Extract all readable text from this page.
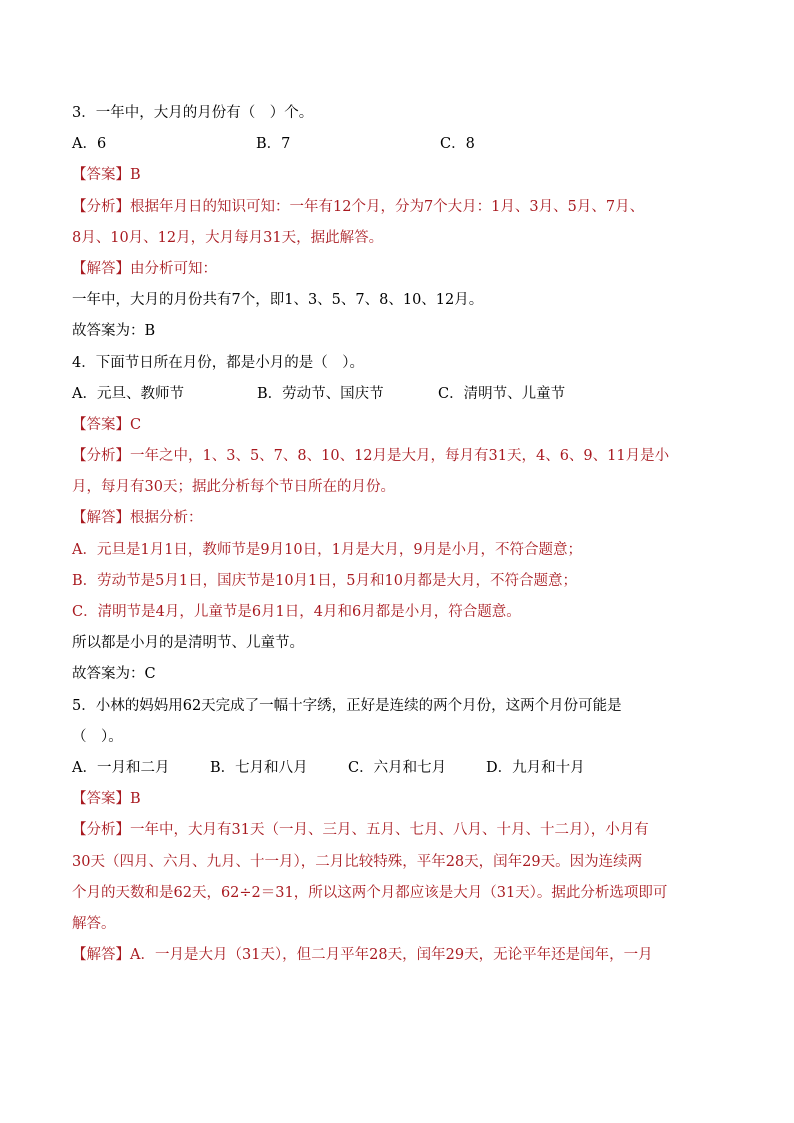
3．一年中，大月的月份有（　）个。
A．6	B．7	C．8
【答案】B
【分析】根据年月日的知识可知：一年有12个月，分为7个大月：1月、3月、5月、7月、
8月、10月、12月，大月每月31天，据此解答。
【解答】由分析可知：
一年中，大月的月份共有7个，即1、3、5、7、8、10、12月。
故答案为：B
4．下面节日所在月份，都是小月的是（　）。
A．元旦、教师节	B．劳动节、国庆节	C．清明节、儿童节
【答案】C
【分析】一年之中，1、3、5、7、8、10、12月是大月，每月有31天，4、6、9、11月是小
月，每月有30天；据此分析每个节日所在的月份。
【解答】根据分析：
A．元旦是1月1日，教师节是9月10日，1月是大月，9月是小月，不符合题意；
B．劳动节是5月1日，国庆节是10月1日，5月和10月都是大月，不符合题意；
C．清明节是4月，儿童节是6月1日，4月和6月都是小月，符合题意。
所以都是小月的是清明节、儿童节。
故答案为：C
5．小林的妈妈用62天完成了一幅十字绣，正好是连续的两个月份，这两个月份可能是
（　）。
A．一月和二月	B．七月和八月	C．六月和七月	D．九月和十月
【答案】B
【分析】一年中，大月有31天（一月、三月、五月、七月、八月、十月、十二月），小月有
30天（四月、六月、九月、十一月），二月比较特殊，平年28天，闰年29天。因为连续两
个月的天数和是62天，62÷2＝31，所以这两个月都应该是大月（31天）。据此分析选项即可
解答。
【解答】A．一月是大月（31天），但二月平年28天，闰年29天，无论平年还是闰年，一月
